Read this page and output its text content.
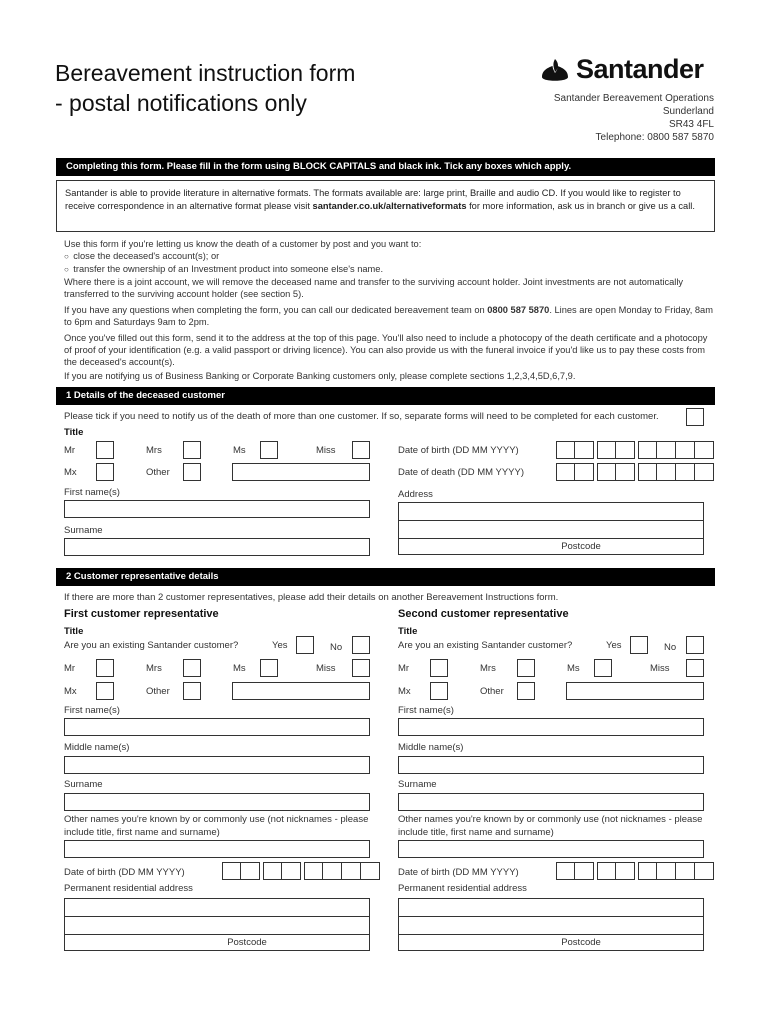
Bereavement instruction form
- postal notifications only
Santander
Santander Bereavement Operations
Sunderland
SR43 4FL
Telephone: 0800 587 5870
Completing this form. Please fill in the form using BLOCK CAPITALS and black ink. Tick any boxes which apply.
Santander is able to provide literature in alternative formats. The formats available are: large print, Braille and audio CD. If you would like to register to receive correspondence in an alternative format please visit santander.co.uk/alternativeformats for more information, ask us in branch or give us a call.
Use this form if you're letting us know the death of a customer by post and you want to:
○  close the deceased's account(s); or
○  transfer the ownership of an Investment product into someone else's name.
Where there is a joint account, we will remove the deceased name and transfer to the surviving account holder. Joint investments are not automatically transferred to the surviving account holder (see section 5).
If you have any questions when completing the form, you can call our dedicated bereavement team on 0800 587 5870. Lines are open Monday to Friday, 8am to 6pm and Saturdays 9am to 2pm.
Once you've filled out this form, send it to the address at the top of this page. You'll also need to include a photocopy of the death certificate and a photocopy of proof of your identification (e.g. a valid passport or driving licence). You can also provide us with the funeral invoice if you'd like us to pay these costs from the deceased's account(s).
If you are notifying us of Business Banking or Corporate Banking customers only, please complete sections 1,2,3,4,5D,6,7,9.
1 Details of the deceased customer
Please tick if you need to notify us of the death of more than one customer. If so, separate forms will need to be completed for each customer.
Title
Mr	Mrs	Ms	Miss
Mx	Other
Date of birth (DD MM YYYY)
Date of death (DD MM YYYY)
First name(s)
Surname
Address
Postcode
2 Customer representative details
If there are more than 2 customer representatives, please add their details on another Bereavement Instructions form.
First customer representative
Title
Are you an existing Santander customer?	Yes	No
Mr	Mrs	Ms	Miss
Mx	Other
First name(s)
Middle name(s)
Surname
Other names you're known by or commonly use (not nicknames - please include title, first name and surname)
Date of birth (DD MM YYYY)
Permanent residential address
Postcode
Second customer representative
Title
Are you an existing Santander customer?	Yes	No
Mr	Mrs	Ms	Miss
Mx	Other
First name(s)
Middle name(s)
Surname
Other names you're known by or commonly use (not nicknames - please include title, first name and surname)
Date of birth (DD MM YYYY)
Permanent residential address
Postcode
